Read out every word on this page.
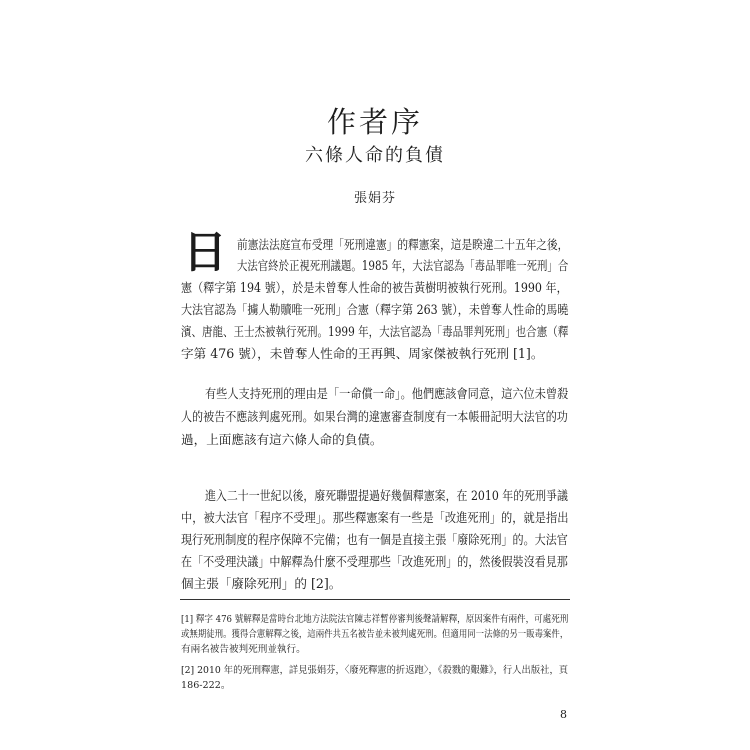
作者序
六條人命的負債
張娟芬
日 前憲法法庭宣布受理「死刑違憲」的釋憲案，這是睽違二十五年之後，
大法官終於正視死刑議題。1985 年，大法官認為「毒品罪唯一死刑」合
憲（釋字第 194 號），於是未曾奪人性命的被告黃樹明被執行死刑。1990 年，
大法官認為「擄人勒贖唯一死刑」合憲（釋字第 263 號），未曾奪人性命的馬曉
濱、唐龍、王士杰被執行死刑。1999 年，大法官認為「毒品罪判死刑」也合憲（釋
字第 476 號），未曾奪人性命的王再興、周家傑被執行死刑 [1]。
有些人支持死刑的理由是「一命償一命」。他們應該會同意，這六位未曾殺
人的被告不應該判處死刑。如果台灣的違憲審查制度有一本帳冊記明大法官的功
過，上面應該有這六條人命的負債。
進入二十一世紀以後，廢死聯盟提過好幾個釋憲案，在 2010 年的死刑爭議
中，被大法官「程序不受理」。那些釋憲案有一些是「改進死刑」的，就是指出
現行死刑制度的程序保障不完備；也有一個是直接主張「廢除死刑」的。大法官
在「不受理決議」中解釋為什麼不受理那些「改進死刑」的，然後假裝沒看見那
個主張「廢除死刑」的 [2]。
[1] 釋字 476 號解釋是當時台北地方法院法官陳志祥暫停審判後聲請解釋，原因案件有兩件，可處死刑
或無期徒刑。獲得合憲解釋之後，這兩件共五名被告並未被判處死刑。但適用同一法條的另一販毒案件，
有兩名被告被判死刑並執行。
[2] 2010 年的死刑釋憲，詳見張娟芬，〈廢死釋憲的折返跑〉，《殺戮的艱難》，行人出版社，頁
186-222。
8
